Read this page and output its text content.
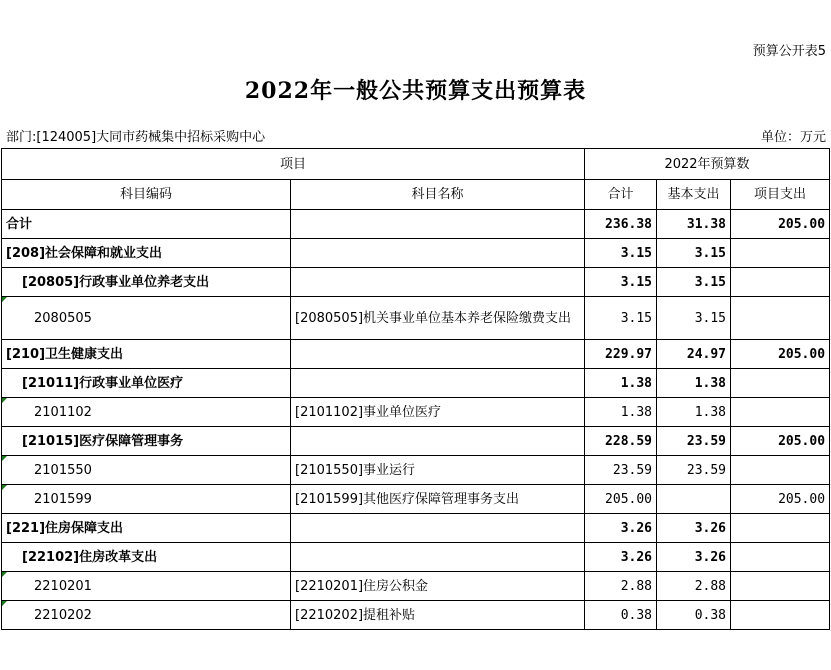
预算公开表5
2022年一般公共预算支出预算表
部门:[124005]大同市药械集中招标采购中心	单位：万元
项目		2022年预算数		
科目编码	科目名称	合计	基本支出	项目支出
合计		236.38	31.38	205.00
[208]社会保障和就业支出		3.15	3.15	
[20805]行政事业单位养老支出		3.15	3.15	
2080505	[2080505]机关事业单位基本养老保险缴费支出	3.15	3.15	
[210]卫生健康支出		229.97	24.97	205.00
[21011]行政事业单位医疗		1.38	1.38	
2101102	[2101102]事业单位医疗	1.38	1.38	
[21015]医疗保障管理事务		228.59	23.59	205.00
2101550	[2101550]事业运行	23.59	23.59	
2101599	[2101599]其他医疗保障管理事务支出	205.00		205.00
[221]住房保障支出		3.26	3.26	
[22102]住房改革支出		3.26	3.26	
2210201	[2210201]住房公积金	2.88	2.88	
2210202	[2210202]提租补贴	0.38	0.38	
